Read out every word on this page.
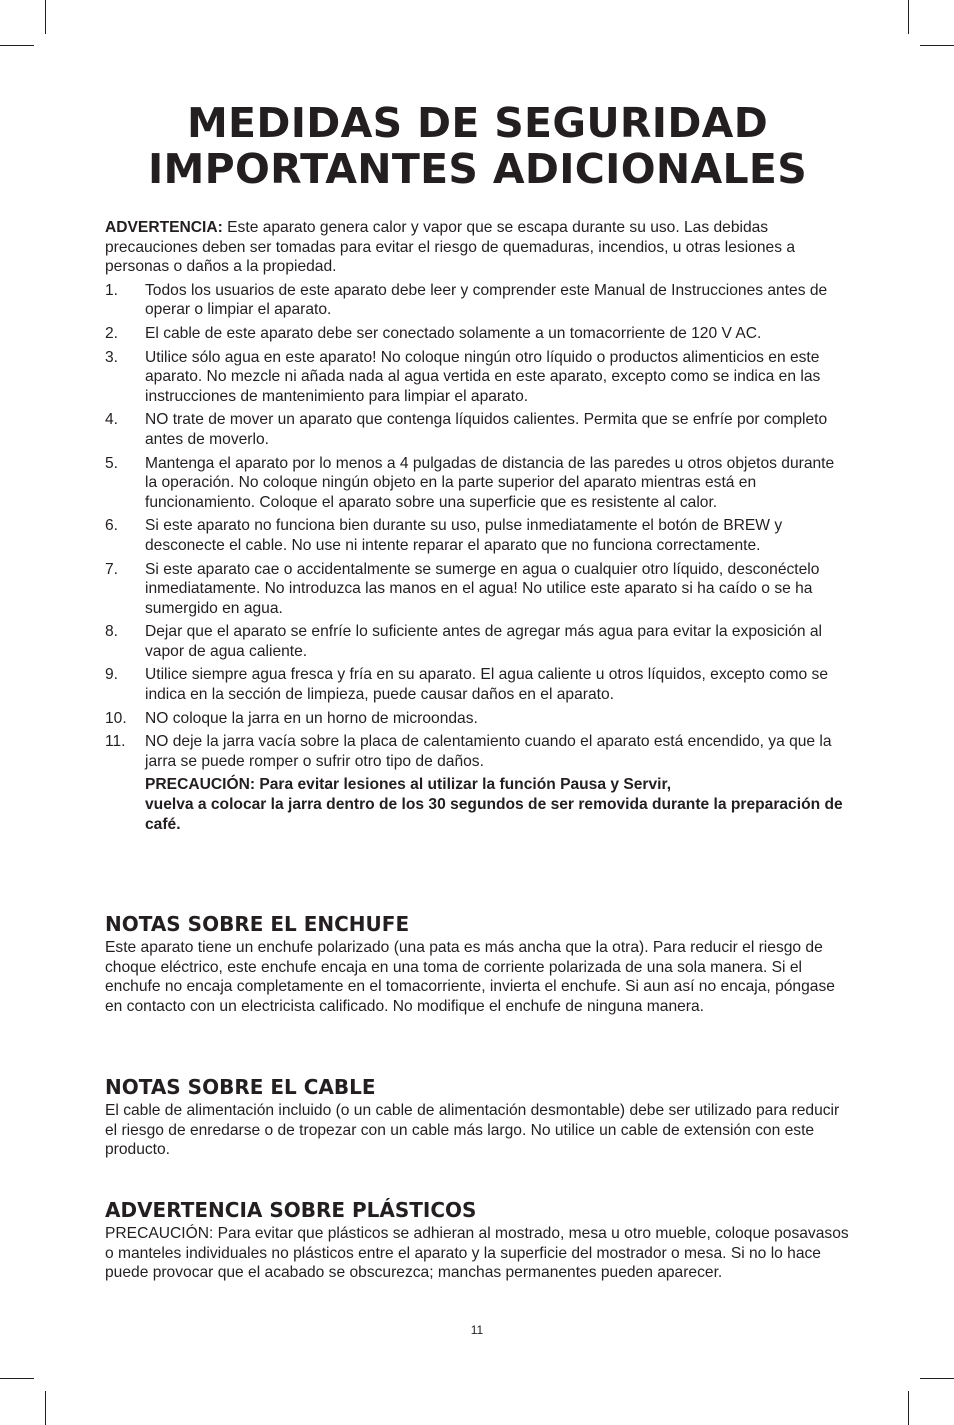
MEDIDAS DE SEGURIDAD
IMPORTANTES ADICIONALES

ADVERTENCIA: Este aparato genera calor y vapor que se escapa durante su uso. Las debidas precauciones deben ser tomadas para evitar el riesgo de quemaduras, incendios, u otras lesiones a personas o daños a la propiedad.

1. Todos los usuarios de este aparato debe leer y comprender este Manual de Instrucciones antes de operar o limpiar el aparato.
2. El cable de este aparato debe ser conectado solamente a un tomacorriente de 120 V AC.
3. Utilice sólo agua en este aparato! No coloque ningún otro líquido o productos alimenticios en este aparato. No mezcle ni añada nada al agua vertida en este aparato, excepto como se indica en las instrucciones de mantenimiento para limpiar el aparato.
4. NO trate de mover un aparato que contenga líquidos calientes. Permita que se enfríe por completo antes de moverlo.
5. Mantenga el aparato por lo menos a 4 pulgadas de distancia de las paredes u otros objetos durante la operación. No coloque ningún objeto en la parte superior del aparato mientras está en funcionamiento. Coloque el aparato sobre una superficie que es resistente al calor.
6. Si este aparato no funciona bien durante su uso, pulse inmediatamente el botón de BREW y desconecte el cable. No use ni intente reparar el aparato que no funciona correctamente.
7. Si este aparato cae o accidentalmente se sumerge en agua o cualquier otro líquido, desconéctelo inmediatamente. No introduzca las manos en el agua! No utilice este aparato si ha caído o se ha sumergido en agua.
8. Dejar que el aparato se enfríe lo suficiente antes de agregar más agua para evitar la exposición al vapor de agua caliente.
9. Utilice siempre agua fresca y fría en su aparato. El agua caliente u otros líquidos, excepto como se indica en la sección de limpieza, puede causar daños en el aparato.
10. NO coloque la jarra en un horno de microondas.
11. NO deje la jarra vacía sobre la placa de calentamiento cuando el aparato está encendido, ya que la jarra se puede romper o sufrir otro tipo de daños.

PRECAUCIÓN: Para evitar lesiones al utilizar la función Pausa y Servir,
vuelva a colocar la jarra dentro de los 30 segundos de ser removida durante la preparación de café.

NOTAS SOBRE EL ENCHUFE

Este aparato tiene un enchufe polarizado (una pata es más ancha que la otra). Para reducir el riesgo de choque eléctrico, este enchufe encaja en una toma de corriente polarizada de una sola manera. Si el enchufe no encaja completamente en el tomacorriente, invierta el enchufe. Si aun así no encaja, póngase en contacto con un electricista calificado. No modifique el enchufe de ninguna manera.

NOTAS SOBRE EL CABLE

El cable de alimentación incluido (o un cable de alimentación desmontable) debe ser utilizado para reducir el riesgo de enredarse o de tropezar con un cable más largo. No utilice un cable de extensión con este producto.

ADVERTENCIA SOBRE PLÁSTICOS

PRECAUCIÓN: Para evitar que plásticos se adhieran al mostrado, mesa u otro mueble, coloque posavasos o manteles individuales no plásticos entre el aparato y la superficie del mostrador o mesa. Si no lo hace puede provocar que el acabado se obscurezca; manchas permanentes pueden aparecer.

11
